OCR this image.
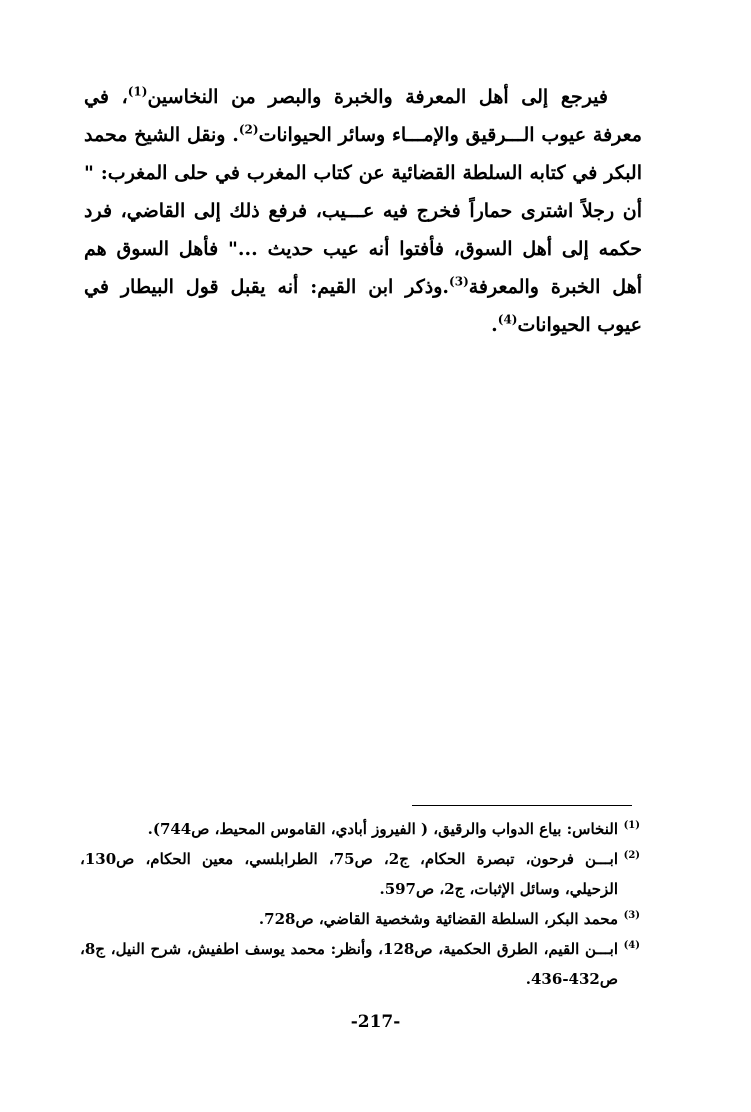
فيرجع إلى أهل المعرفة والخبرة والبصر من النخاسين$^{(1)}$، في معرفة عيوب الـــرقيق والإمـــاء وسائر الحيوانات$^{(2)}$. ونقل الشيخ محمد البكر في كتابه السلطة القضائية عن كتاب المغرب في حلى المغرب: " أن رجلاً اشترى حماراً فخرج فيه عـــيب، فرفع ذلك إلى القاضي، فرد حكمه إلى أهل السوق، فأفتوا أنه عيب حديث ..." فأهل السوق هم أهل الخبرة والمعرفة$^{(3)}$.وذكر ابن القيم: أنه يقبل قول البيطار في عيوب الحيوانات$^{(4)}$.

(1)النخاس: بياع الدواب والرقيق، ( الفيروز أبادي، القاموس المحيط، ص744).

(2)ابـــن فرحون، تبصرة الحكام، ج2، ص75، الطرابلسي، معين الحكام، ص130، الزحيلي، وسائل الإثبات، ج2، ص597.

(3)محمد البكر، السلطة القضائية وشخصية القاضي، ص728.

(4)ابـــن القيم، الطرق الحكمية، ص128، وأنظر: محمد يوسف اطفيش، شرح النيل، ج8، ص432-436.

-217-
